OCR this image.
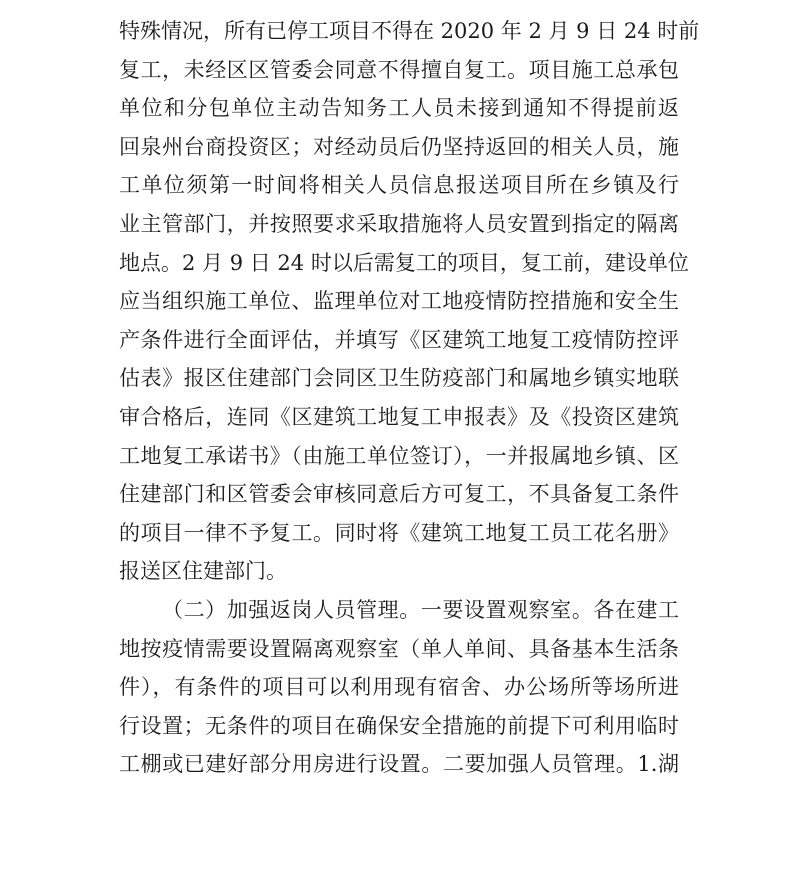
特殊情况，所有已停工项目不得在 2020 年 2 月 9 日 24 时前
复工，未经区区管委会同意不得擅自复工。项目施工总承包
单位和分包单位主动告知务工人员未接到通知不得提前返
回泉州台商投资区；对经动员后仍坚持返回的相关人员，施
工单位须第一时间将相关人员信息报送项目所在乡镇及行
业主管部门，并按照要求采取措施将人员安置到指定的隔离
地点。2 月 9 日 24 时以后需复工的项目，复工前，建设单位
应当组织施工单位、监理单位对工地疫情防控措施和安全生
产条件进行全面评估，并填写《区建筑工地复工疫情防控评
估表》报区住建部门会同区卫生防疫部门和属地乡镇实地联
审合格后，连同《区建筑工地复工申报表》及《投资区建筑
工地复工承诺书》（由施工单位签订），一并报属地乡镇、区
住建部门和区管委会审核同意后方可复工，不具备复工条件
的项目一律不予复工。同时将《建筑工地复工员工花名册》
报送区住建部门。
（二）加强返岗人员管理。一要设置观察室。各在建工
地按疫情需要设置隔离观察室（单人单间、具备基本生活条
件），有条件的项目可以利用现有宿舍、办公场所等场所进
行设置；无条件的项目在确保安全措施的前提下可利用临时
工棚或已建好部分用房进行设置。二要加强人员管理。1.湖
